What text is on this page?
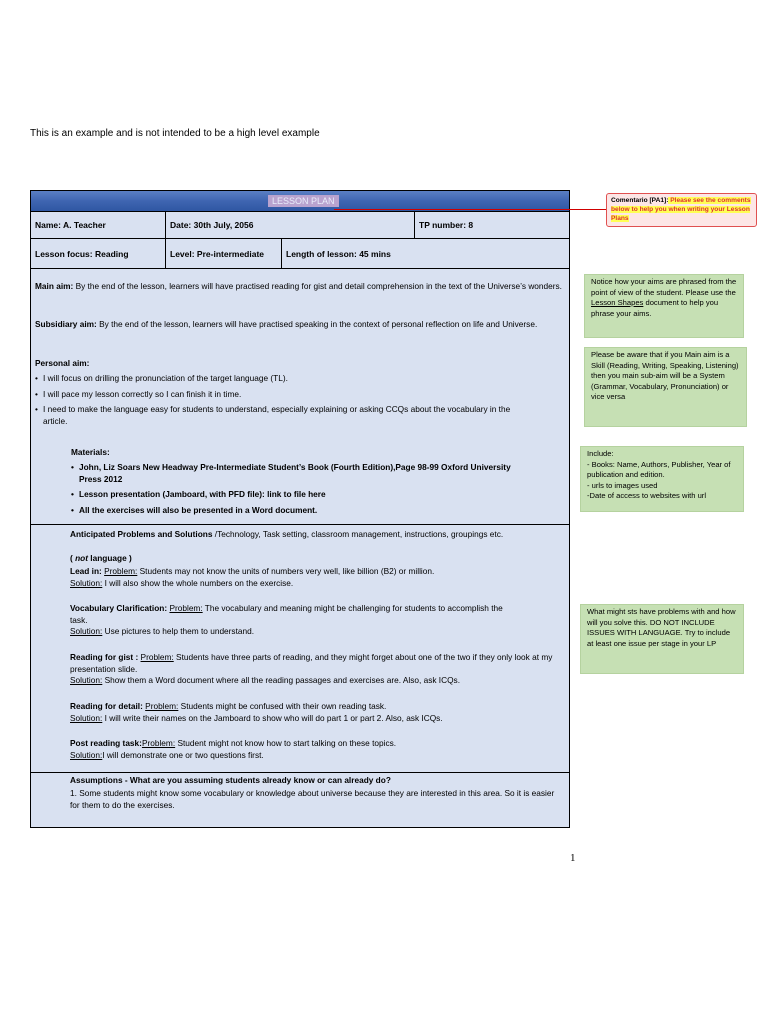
This is an example and is not intended to be a high level example
LESSON PLAN
Name: A. Teacher	Date: 30th July, 2056	TP number: 8
Lesson focus: Reading	Level: Pre-intermediate	Length of lesson: 45 mins
Main aim: By the end of the lesson, learners will have practised reading for gist and detail comprehension in the text of the Universe’s wonders.
Subsidiary aim: By the end of the lesson, learners will have practised speaking in the context of personal reflection on life and Universe.
Personal aim:
• I will focus on drilling the pronunciation of the target language (TL).
• I will pace my lesson correctly so I can finish it in time.
• I need to make the language easy for students to understand, especially explaining or asking CCQs about the vocabulary in the article.
Materials:
• John, Liz Soars New Headway Pre-Intermediate Student’s Book (Fourth Edition),Page 98-99 Oxford University Press 2012
• Lesson presentation (Jamboard, with PFD file): link to file here
• All the exercises will also be presented in a Word document.
Anticipated Problems and Solutions /Technology, Task setting, classroom management, instructions, groupings etc.
( not language )
Lead in: Problem: Students may not know the units of numbers very well, like billion (B2) or million.
Solution: I will also show the whole numbers on the exercise.
Vocabulary Clarification: Problem: The vocabulary and meaning might be challenging for students to accomplish the task.
Solution: Use pictures to help them to understand.
Reading for gist : Problem: Students have three parts of reading, and they might forget about one of the two if they only look at my presentation slide.
Solution: Show them a Word document where all the reading passages and exercises are. Also, ask ICQs.
Reading for detail: Problem: Students might be confused with their own reading task.
Solution: I will write their names on the Jamboard to show who will do part 1 or part 2. Also, ask ICQs.
Post reading task:Problem: Student might not know how to start talking on these topics.
Solution:I will demonstrate one or two questions first.
Assumptions - What are you assuming students already know or can already do?
1. Some students might know some vocabulary or knowledge about universe because they are interested in this area. So it is easier for them to do the exercises.
Comentario [PA1]: Please see the comments below to help you when writing your Lesson Plans
Notice how your aims are phrased from the point of view of the student. Please use the Lesson Shapes document to help you phrase your aims.
Please be aware that if you Main aim is a Skill (Reading, Writing, Speaking, Listening) then you main sub-aim will be a System (Grammar, Vocabulary, Pronunciation) or vice versa
Include:
- Books: Name, Authors, Publisher, Year of publication and edition.
- urls to images used
-Date of access to websites with url
What might sts have problems with and how will you solve this. DO NOT INCLUDE ISSUES WITH LANGUAGE. Try to include at least one issue per stage in your LP
1
